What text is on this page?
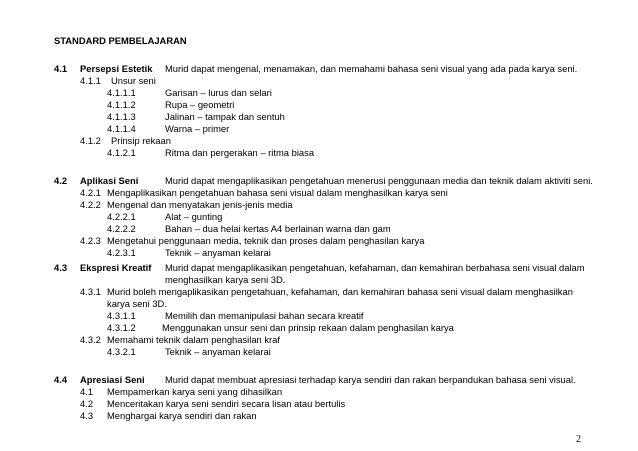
STANDARD PEMBELAJARAN
4.1 Persepsi Estetik Murid dapat mengenal, menamakan, dan memahami bahasa seni visual yang ada pada karya seni.
4.1.1 Unsur seni
4.1.1.1	Garisan – lurus dan selari
4.1.1.2	Rupa – geometri
4.1.1.3	Jalinan – tampak dan sentuh
4.1.1.4	Warna – primer
4.1.2 Prinsip rekaan
4.1.2.1	Ritma dan pergerakan – ritma biasa
4.2 Aplikasi Seni	Murid dapat mengaplikasikan pengetahuan menerusi penggunaan media dan teknik dalam aktiviti seni.
4.2.1 Mengaplikasikan pengetahuan bahasa seni visual dalam menghasilkan karya seni
4.2.2 Mengenal dan menyatakan jenis-jenis media
4.2.2.1	Alat – gunting
4.2.2.2	Bahan – dua helai kertas A4 berlainan warna dan gam
4.2.3 Mengetahui penggunaan media, teknik dan proses dalam penghasilan karya
4.2.3.1	Teknik – anyaman kelarai
4.3 Ekspresi Kreatif Murid dapat mengaplikasikan pengetahuan, kefahaman, dan kemahiran berbahasa seni visual dalam
menghasilkan karya seni 3D.
4.3.1 Murid boleh mengaplikasikan pengetahuan, kefahaman, dan kemahiran bahasa seni visual dalam menghasilkan
karya seni 3D.
4.3.1.1	Memilih dan memanipulasi bahan secara kreatif
4.3.1.2	Menggunakan unsur seni dan prinsip rekaan dalam penghasilan karya
4.3.2 Memahami teknik dalam penghasilan kraf
4.3.2.1	Teknik – anyaman kelarai
4.4 Apresiasi Seni Murid dapat membuat apresiasi terhadap karya sendiri dan rakan berpandukan bahasa seni visual.
4.1 Mempamerkan karya seni yang dihasilkan
4.2 Menceritakan karya seni sendiri secara lisan atau bertulis
4.3 Menghargai karya sendiri dan rakan
2
